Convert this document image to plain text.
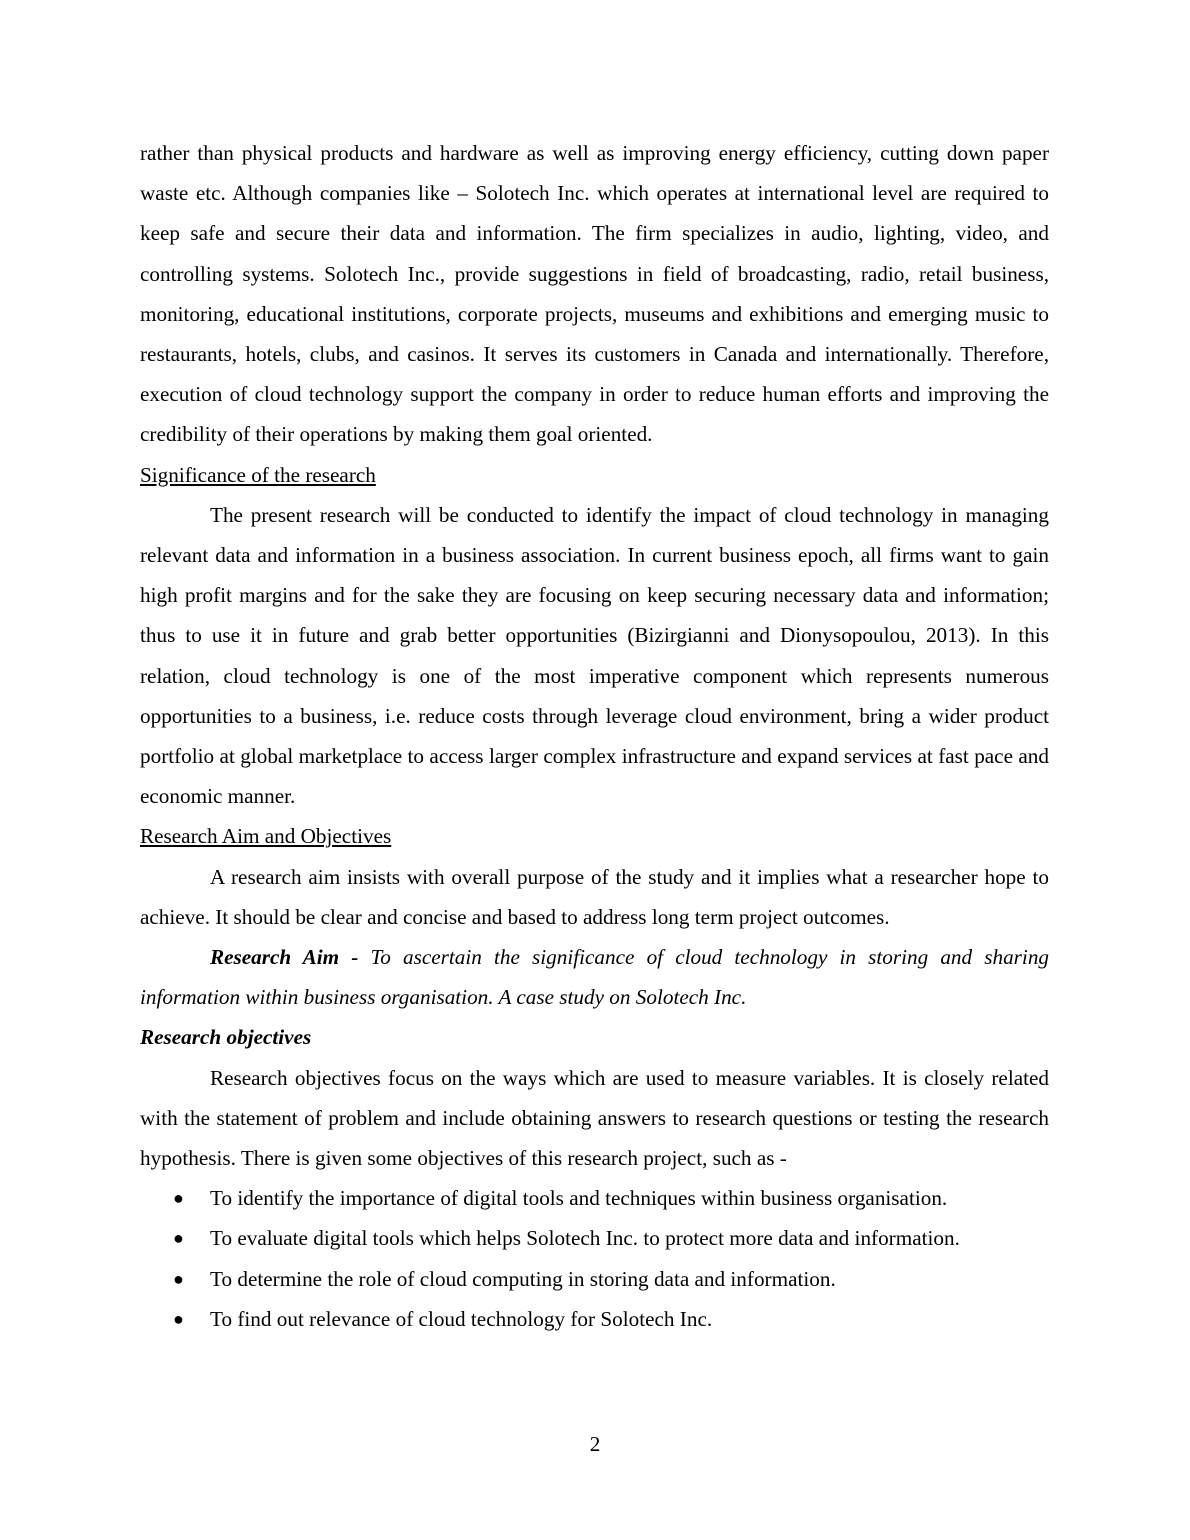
rather than physical products and hardware as well as improving energy efficiency, cutting down paper waste etc. Although companies like – Solotech Inc. which operates at international level are required to keep safe and secure their data and information. The firm specializes in audio, lighting, video, and controlling systems. Solotech Inc., provide suggestions in field of broadcasting, radio, retail business, monitoring, educational institutions, corporate projects, museums and exhibitions and emerging music to restaurants, hotels, clubs, and casinos. It serves its customers in Canada and internationally. Therefore, execution of cloud technology support the company in order to reduce human efforts and improving the credibility of their operations by making them goal oriented.

Significance of the research

The present research will be conducted to identify the impact of cloud technology in managing relevant data and information in a business association. In current business epoch, all firms want to gain high profit margins and for the sake they are focusing on keep securing necessary data and information; thus to use it in future and grab better opportunities (Bizirgianni and Dionysopoulou, 2013). In this relation, cloud technology is one of the most imperative component which represents numerous opportunities to a business, i.e. reduce costs through leverage cloud environment, bring a wider product portfolio at global marketplace to access larger complex infrastructure and expand services at fast pace and economic manner.

Research Aim and Objectives

A research aim insists with overall purpose of the study and it implies what a researcher hope to achieve. It should be clear and concise and based to address long term project outcomes.

Research Aim - To ascertain the significance of cloud technology in storing and sharing information within business organisation. A case study on Solotech Inc.

Research objectives

Research objectives focus on the ways which are used to measure variables. It is closely related with the statement of problem and include obtaining answers to research questions or testing the research hypothesis. There is given some objectives of this research project, such as -

● To identify the importance of digital tools and techniques within business organisation.
● To evaluate digital tools which helps Solotech Inc. to protect more data and information.
● To determine the role of cloud computing in storing data and information.
● To find out relevance of cloud technology for Solotech Inc.
2
